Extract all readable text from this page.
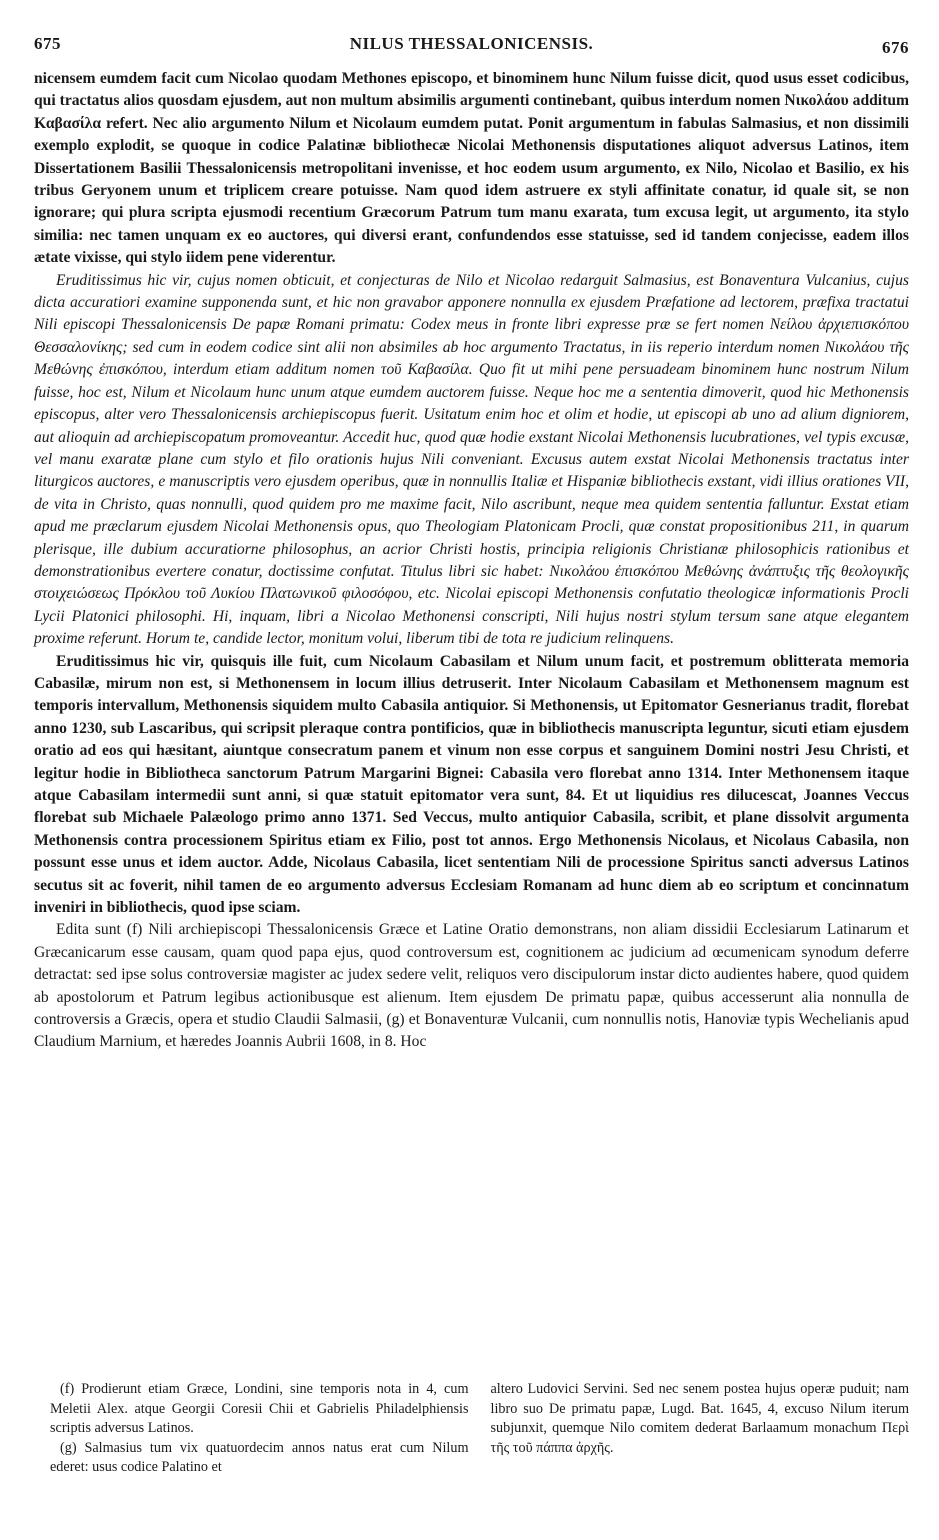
675	NILUS THESSALONICENSIS.	676

nicensem eumdem facit cum Nicolao quodam Methones episcopo, et binominem hunc Nilum fuisse dicit, quod usus esset codicibus, qui tractatus alios quosdam ejusdem, aut non multum absimilis argumenti continebant, quibus interdum nomen Νικολάου additum Καβασίλα refert. Nec alio argumento Nilum et Nicolaum eumdem putat. Ponit argumentum in fabulas Salmasius, et non dissimili exemplo explodit, se quoque in codice Palatinæ bibliothecæ Nicolai Methonensis disputationes aliquot adversus Latinos, item Dissertationem Basilii Thessalonicensis metropolitani invenisse, et hoc eodem usum argumento, ex Nilo, Nicolao et Basilio, ex his tribus Geryonem unum et triplicem creare potuisse. Nam quod idem astruere ex styli affinitate conatur, id quale sit, se non ignorare; qui plura scripta ejusmodi recentium Græcorum Patrum tum manu exarata, tum excusa legit, ut argumento, ita stylo similia: nec tamen unquam ex eo auctores, qui diversi erant, confundendos esse statuisse, sed id tandem conjecisse, eadem illos ætate vixisse, qui stylo iidem pene viderentur.

Eruditissimus hic vir, cujus nomen obticuit, et conjecturas de Nilo et Nicolao redarguit Salmasius, est Bonaventura Vulcanius, cujus dicta accuratiori examine supponenda sunt, et hic non gravabor apponere nonnulla ex ejusdem Præfatione ad lectorem, præfixa tractatui Nili episcopi Thessalonicensis De papæ Romani primatu: Codex meus in fronte libri expresse præ se fert nomen Νείλου ἀρχιεπισκόπου Θεσσαλονίκης; sed cum in eodem codice sint alii non absimiles ab hoc argumento Tractatus, in iis reperio interdum nomen Νικολάου τῆς Μεθώνης ἐπισκόπου, interdum etiam additum nomen τοῦ Καβασίλα. Quo fit ut mihi pene persuadeam binominem hunc nostrum Nilum fuisse, hoc est, Nilum et Nicolaum hunc unum atque eumdem auctorem fuisse. Neque hoc me a sententia dimoverit, quod hic Methonensis episcopus, alter vero Thessalonicensis archiepiscopus fuerit. Usitatum enim hoc et olim et hodie, ut episcopi ab uno ad alium digniorem, aut alioquin ad archiepiscopatum promoveantur. Accedit huc, quod quæ hodie exstant Nicolai Methonensis lucubrationes, vel typis excusæ, vel manu exaratæ plane cum stylo et filo orationis hujus Nili conveniant. Excusus autem exstat Nicolai Methonensis tractatus inter liturgicos auctores, e manuscriptis vero ejusdem operibus, quæ in nonnullis Italiæ et Hispaniæ bibliothecis exstant, vidi illius orationes VII, de vita in Christo, quas nonnulli, quod quidem pro me maxime facit, Nilo ascribunt, neque mea quidem sententia falluntur. Exstat etiam apud me præclarum ejusdem Nicolai Methonensis opus, quo Theologiam Platonicam Procli, quæ constat propositionibus 211, in quarum plerisque, ille dubium accuratiorne philosophus, an acrior Christi hostis, principia religionis Christianæ philosophicis rationibus et demonstrationibus evertere conatur, doctissime confutat. Titulus libri sic habet: Νικολάου ἐπισκόπου Μεθώνης ἀνάπτυξις τῆς θεολογικῆς στοιχειώσεως Πρόκλου τοῦ Λυκίου Πλατωνικοῦ φιλοσόφου, etc. Nicolai episcopi Methonensis confutatio theologicæ informationis Procli Lycii Platonici philosophi. Hi, inquam, libri a Nicolao Methonensi conscripti, Nili hujus nostri stylum tersum sane atque elegantem proxime referunt. Horum te, candide lector, monitum volui, liberum tibi de tota re judicium relinquens.

Eruditissimus hic vir, quisquis ille fuit, cum Nicolaum Cabasilam et Nilum unum facit, et postremum oblitterata memoria Cabasilæ, mirum non est, si Methonensem in locum illius detruserit. Inter Nicolaum Cabasilam et Methonensem magnum est temporis intervallum, Methonensis siquidem multo Cabasila antiquior. Si Methonensis, ut Epitomator Gesnerianus tradit, florebat anno 1230, sub Lascaribus, qui scripsit pleraque contra pontificios, quæ in bibliothecis manuscripta leguntur, sicuti etiam ejusdem oratio ad eos qui hæsitant, aiuntque consecratum panem et vinum non esse corpus et sanguinem Domini nostri Jesu Christi, et legitur hodie in Bibliotheca sanctorum Patrum Margarini Bignei: Cabasila vero florebat anno 1314. Inter Methonensem itaque atque Cabasilam intermedii sunt anni, si quæ statuit epitomator vera sunt, 84. Et ut liquidius res dilucescat, Joannes Veccus florebat sub Michaele Palæologo primo anno 1371. Sed Veccus, multo antiquior Cabasila, scribit, et plane dissolvit argumenta Methonensis contra processionem Spiritus etiam ex Filio, post tot annos. Ergo Methonensis Nicolaus, et Nicolaus Cabasila, non possunt esse unus et idem auctor. Adde, Nicolaus Cabasila, licet sententiam Nili de processione Spiritus sancti adversus Latinos secutus sit ac foverit, nihil tamen de eo argumento adversus Ecclesiam Romanam ad hunc diem ab eo scriptum et concinnatum inveniri in bibliothecis, quod ipse sciam.

Edita sunt (f) Nili archiepiscopi Thessalonicensis Græce et Latine Oratio demonstrans, non aliam dissidii Ecclesiarum Latinarum et Græcanicarum esse causam, quam quod papa ejus, quod controversum est, cognitionem ac judicium ad œcumenicam synodum deferre detractat: sed ipse solus controversiæ magister ac judex sedere velit, reliquos vero discipulorum instar dicto audientes habere, quod quidem ab apostolorum et Patrum legibus actionibusque est alienum. Item ejusdem De primatu papæ, quibus accesserunt alia nonnulla de controversis a Græcis, opera et studio Claudii Salmasii, (g) et Bonaventuræ Vulcanii, cum nonnullis notis, Hanoviæ typis Wechelianis apud Claudium Marnium, et hæredes Joannis Aubrii 1608, in 8. Hoc

(f) Prodierunt etiam Græce, Londini, sine temporis nota in 4, cum Meletii Alex. atque Georgii Coresii Chii et Gabrielis Philadelphiensis scriptis adversus Latinos.

(g) Salmasius tum vix quatuordecim annos natus erat cum Nilum ederet: usus codice Palatino et

altero Ludovici Servini. Sed nec senem postea hujus operæ puduit; nam libro suo De primatu papæ, Lugd. Bat. 1645, 4, excuso Nilum iterum subjunxit, quemque Nilo comitem dederat Barlaamum monachum Περὶ τῆς τοῦ πάππα ἀρχῆς.
